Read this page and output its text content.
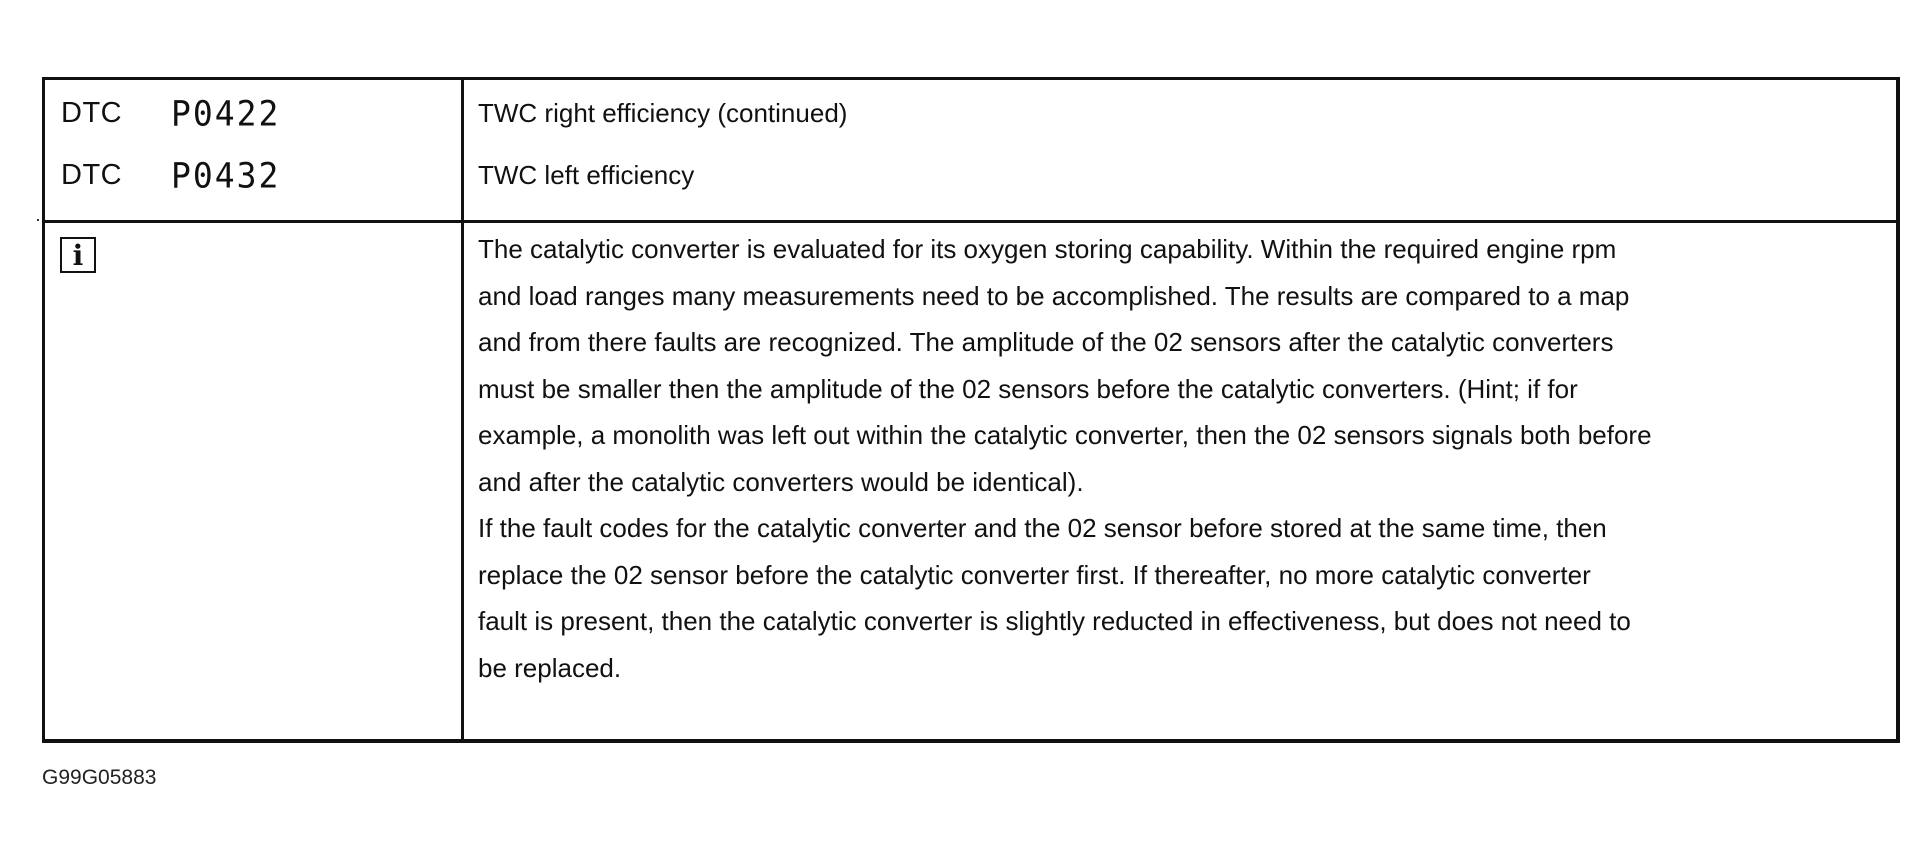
DTC	P0422	TWC right efficiency (continued)
DTC	P0432	TWC left efficiency
i	The catalytic converter is evaluated for its oxygen storing capability. Within the required engine rpm
and load ranges many measurements need to be accomplished. The results are compared to a map
and from there faults are recognized. The amplitude of the 02 sensors after the catalytic converters
must be smaller then the amplitude of the 02 sensors before the catalytic converters. (Hint; if for
example, a monolith was left out within the catalytic converter, then the 02 sensors signals both before
and after the catalytic converters would be identical).
If the fault codes for the catalytic converter and the 02 sensor before stored at the same time, then
replace the 02 sensor before the catalytic converter first. If thereafter, no more catalytic converter
fault is present, then the catalytic converter is slightly reducted in effectiveness, but does not need to
be replaced.
G99G05883
